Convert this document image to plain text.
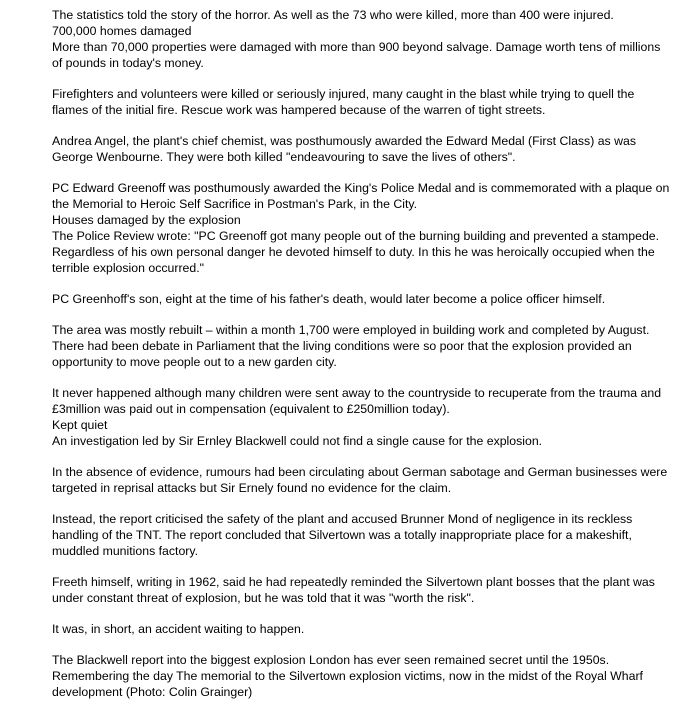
The statistics told the story of the horror. As well as the 73 who were killed, more than 400 were injured.
700,000 homes damaged
More than 70,000 properties were damaged with more than 900 beyond salvage. Damage worth tens of millions
of pounds in today's money.
Firefighters and volunteers were killed or seriously injured, many caught in the blast while trying to quell the
flames of the initial fire. Rescue work was hampered because of the warren of tight streets.
Andrea Angel, the plant's chief chemist, was posthumously awarded the Edward Medal (First Class) as was
George Wenbourne. They were both killed "endeavouring to save the lives of others".
PC Edward Greenoff was posthumously awarded the King's Police Medal and is commemorated with a plaque on
the Memorial to Heroic Self Sacrifice in Postman's Park, in the City.
Houses damaged by the explosion
The Police Review wrote: "PC Greenoff got many people out of the burning building and prevented a stampede.
Regardless of his own personal danger he devoted himself to duty. In this he was heroically occupied when the
terrible explosion occurred."
PC Greenhoff's son, eight at the time of his father's death, would later become a police officer himself.
The area was mostly rebuilt – within a month 1,700 were employed in building work and completed by August.
There had been debate in Parliament that the living conditions were so poor that the explosion provided an
opportunity to move people out to a new garden city.
It never happened although many children were sent away to the countryside to recuperate from the trauma and
£3million was paid out in compensation (equivalent to £250million today).
Kept quiet
An investigation led by Sir Ernley Blackwell could not find a single cause for the explosion.
In the absence of evidence, rumours had been circulating about German sabotage and German businesses were
targeted in reprisal attacks but Sir Ernely found no evidence for the claim.
Instead, the report criticised the safety of the plant and accused Brunner Mond of negligence in its reckless
handling of the TNT. The report concluded that Silvertown was a totally inappropriate place for a makeshift,
muddled munitions factory.
Freeth himself, writing in 1962, said he had repeatedly reminded the Silvertown plant bosses that the plant was
under constant threat of explosion, but he was told that it was "worth the risk".
It was, in short, an accident waiting to happen.
The Blackwell report into the biggest explosion London has ever seen remained secret until the 1950s.
Remembering the day The memorial to the Silvertown explosion victims, now in the midst of the Royal Wharf
development (Photo: Colin Grainger)
